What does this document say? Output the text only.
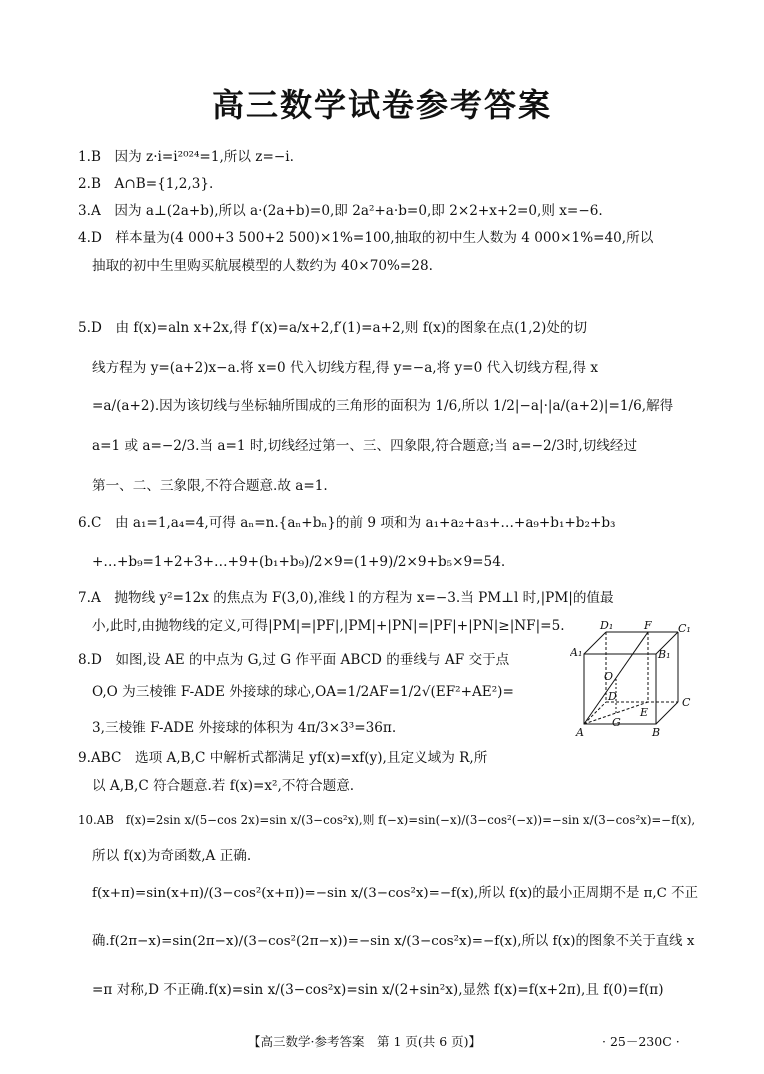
高三数学试卷参考答案
1.B　因为 z·i=i²⁰²⁴=1,所以 z=−i.
2.B　A∩B={1,2,3}.
3.A　因为 a⊥(2a+b),所以 a·(2a+b)=0,即 2a²+a·b=0,即 2×2+x+2=0,则 x=−6.
4.D　样本量为(4 000+3 500+2 500)×1%=100,抽取的初中生人数为 4 000×1%=40,所以
抽取的初中生里购买航展模型的人数约为 40×70%=28.
5.D　由 f(x)=aln x+2x,得 f′(x)=a/x+2,f′(1)=a+2,则 f(x)的图象在点(1,2)处的切
线方程为 y=(a+2)x−a.将 x=0 代入切线方程,得 y=−a,将 y=0 代入切线方程,得 x
=a/(a+2).因为该切线与坐标轴所围成的三角形的面积为 1/6,所以 1/2|−a|·|a/(a+2)|=1/6,解得
a=1 或 a=−2/3.当 a=1 时,切线经过第一、三、四象限,符合题意;当 a=−2/3时,切线经过
第一、二、三象限,不符合题意.故 a=1.
6.C　由 a₁=1,a₄=4,可得 aₙ=n.{aₙ+bₙ}的前 9 项和为 a₁+a₂+a₃+…+a₉+b₁+b₂+b₃
+…+b₉=1+2+3+…+9+(b₁+b₉)/2×9=(1+9)/2×9+b₅×9=54.
7.A　抛物线 y²=12x 的焦点为 F(3,0),准线 l 的方程为 x=−3.当 PM⊥l 时,|PM|的值最
小,此时,由抛物线的定义,可得|PM|=|PF|,|PM|+|PN|=|PF|+|PN|≥|NF|=5.
8.D　如图,设 AE 的中点为 G,过 G 作平面 ABCD 的垂线与 AF 交于点
O,O 为三棱锥 F-ADE 外接球的球心,OA=1/2AF=1/2√(EF²+AE²)=
3,三棱锥 F-ADE 外接球的体积为 4π/3×3³=36π.
9.ABC　选项 A,B,C 中解析式都满足 yf(x)=xf(y),且定义域为 R,所
以 A,B,C 符合题意.若 f(x)=x²,不符合题意.
10.AB　f(x)=2sin x/(5−cos 2x)=sin x/(3−cos²x),则 f(−x)=sin(−x)/(3−cos²(−x))=−sin x/(3−cos²x)=−f(x),
所以 f(x)为奇函数,A 正确.
f(x+π)=sin(x+π)/(3−cos²(x+π))=−sin x/(3−cos²x)=−f(x),所以 f(x)的最小正周期不是 π,C 不正
确.f(2π−x)=sin(2π−x)/(3−cos²(2π−x))=−sin x/(3−cos²x)=−f(x),所以 f(x)的图象不关于直线 x
=π 对称,D 不正确.f(x)=sin x/(3−cos²x)=sin x/(2+sin²x),显然 f(x)=f(x+2π),且 f(0)=f(π)
D₁	F C₁
A₁	B₁
O
D
E
C
G
A	B
【高三数学·参考答案　第 1 页(共 6 页)】	· 25－230C ·
